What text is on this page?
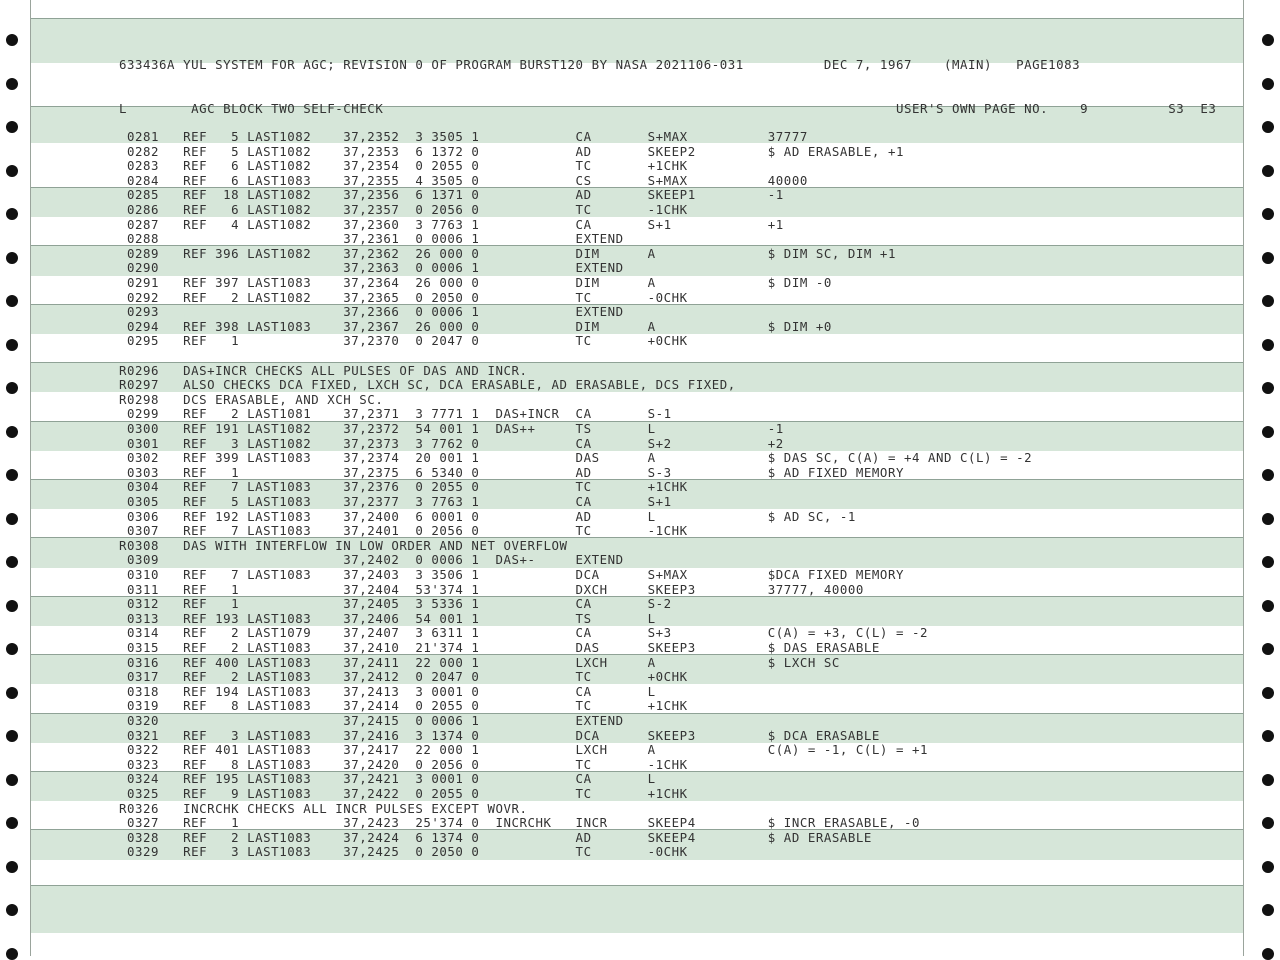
633436A YUL SYSTEM FOR AGC; REVISION 0 OF PROGRAM BURST120 BY NASA 2021106-031          DEC 7, 1967    (MAIN)   PAGE1083
L        AGC BLOCK TWO SELF-CHECK                                                                USER'S OWN PAGE NO.    9          S3  E3
0281   REF   5 LAST1082    37,2352  3 3505 1            CA       S+MAX          37777
0282   REF   5 LAST1082    37,2353  6 1372 0            AD       SKEEP2         $ AD ERASABLE, +1
0283   REF   6 LAST1082    37,2354  0 2055 0            TC       +1CHK
0284   REF   6 LAST1083    37,2355  4 3505 0            CS       S+MAX          40000
0285   REF  18 LAST1082    37,2356  6 1371 0            AD       SKEEP1         -1
0286   REF   6 LAST1082    37,2357  0 2056 0            TC       -1CHK
0287   REF   4 LAST1082    37,2360  3 7763 1            CA       S+1            +1
0288                       37,2361  0 0006 1            EXTEND
0289   REF 396 LAST1082    37,2362  26 000 0            DIM      A              $ DIM SC, DIM +1
0290                       37,2363  0 0006 1            EXTEND
0291   REF 397 LAST1083    37,2364  26 000 0            DIM      A              $ DIM -0
0292   REF   2 LAST1082    37,2365  0 2050 0            TC       -0CHK
0293                       37,2366  0 0006 1            EXTEND
0294   REF 398 LAST1083    37,2367  26 000 0            DIM      A              $ DIM +0
0295   REF   1             37,2370  0 2047 0            TC       +0CHK
R0296   DAS+INCR CHECKS ALL PULSES OF DAS AND INCR.
R0297   ALSO CHECKS DCA FIXED, LXCH SC, DCA ERASABLE, AD ERASABLE, DCS FIXED,
R0298   DCS ERASABLE, AND XCH SC.
0299   REF   2 LAST1081    37,2371  3 7771 1  DAS+INCR  CA       S-1
0300   REF 191 LAST1082    37,2372  54 001 1  DAS++     TS       L              -1
0301   REF   3 LAST1082    37,2373  3 7762 0            CA       S+2            +2
0302   REF 399 LAST1083    37,2374  20 001 1            DAS      A              $ DAS SC, C(A) = +4 AND C(L) = -2
0303   REF   1             37,2375  6 5340 0            AD       S-3            $ AD FIXED MEMORY
0304   REF   7 LAST1083    37,2376  0 2055 0            TC       +1CHK
0305   REF   5 LAST1083    37,2377  3 7763 1            CA       S+1
0306   REF 192 LAST1083    37,2400  6 0001 0            AD       L              $ AD SC, -1
0307   REF   7 LAST1083    37,2401  0 2056 0            TC       -1CHK
R0308   DAS WITH INTERFLOW IN LOW ORDER AND NET OVERFLOW
0309                       37,2402  0 0006 1  DAS+-     EXTEND
0310   REF   7 LAST1083    37,2403  3 3506 1            DCA      S+MAX          $DCA FIXED MEMORY
0311   REF   1             37,2404  53'374 1            DXCH     SKEEP3         37777, 40000
0312   REF   1             37,2405  3 5336 1            CA       S-2
0313   REF 193 LAST1083    37,2406  54 001 1            TS       L
0314   REF   2 LAST1079    37,2407  3 6311 1            CA       S+3            C(A) = +3, C(L) = -2
0315   REF   2 LAST1083    37,2410  21'374 1            DAS      SKEEP3         $ DAS ERASABLE
0316   REF 400 LAST1083    37,2411  22 000 1            LXCH     A              $ LXCH SC
0317   REF   2 LAST1083    37,2412  0 2047 0            TC       +0CHK
0318   REF 194 LAST1083    37,2413  3 0001 0            CA       L
0319   REF   8 LAST1083    37,2414  0 2055 0            TC       +1CHK
0320                       37,2415  0 0006 1            EXTEND
0321   REF   3 LAST1083    37,2416  3 1374 0            DCA      SKEEP3         $ DCA ERASABLE
0322   REF 401 LAST1083    37,2417  22 000 1            LXCH     A              C(A) = -1, C(L) = +1
0323   REF   8 LAST1083    37,2420  0 2056 0            TC       -1CHK
0324   REF 195 LAST1083    37,2421  3 0001 0            CA       L
0325   REF   9 LAST1083    37,2422  0 2055 0            TC       +1CHK
R0326   INCRCHK CHECKS ALL INCR PULSES EXCEPT WOVR.
0327   REF   1             37,2423  25'374 0  INCRCHK   INCR     SKEEP4         $ INCR ERASABLE, -0
0328   REF   2 LAST1083    37,2424  6 1374 0            AD       SKEEP4         $ AD ERASABLE
0329   REF   3 LAST1083    37,2425  0 2050 0            TC       -0CHK
